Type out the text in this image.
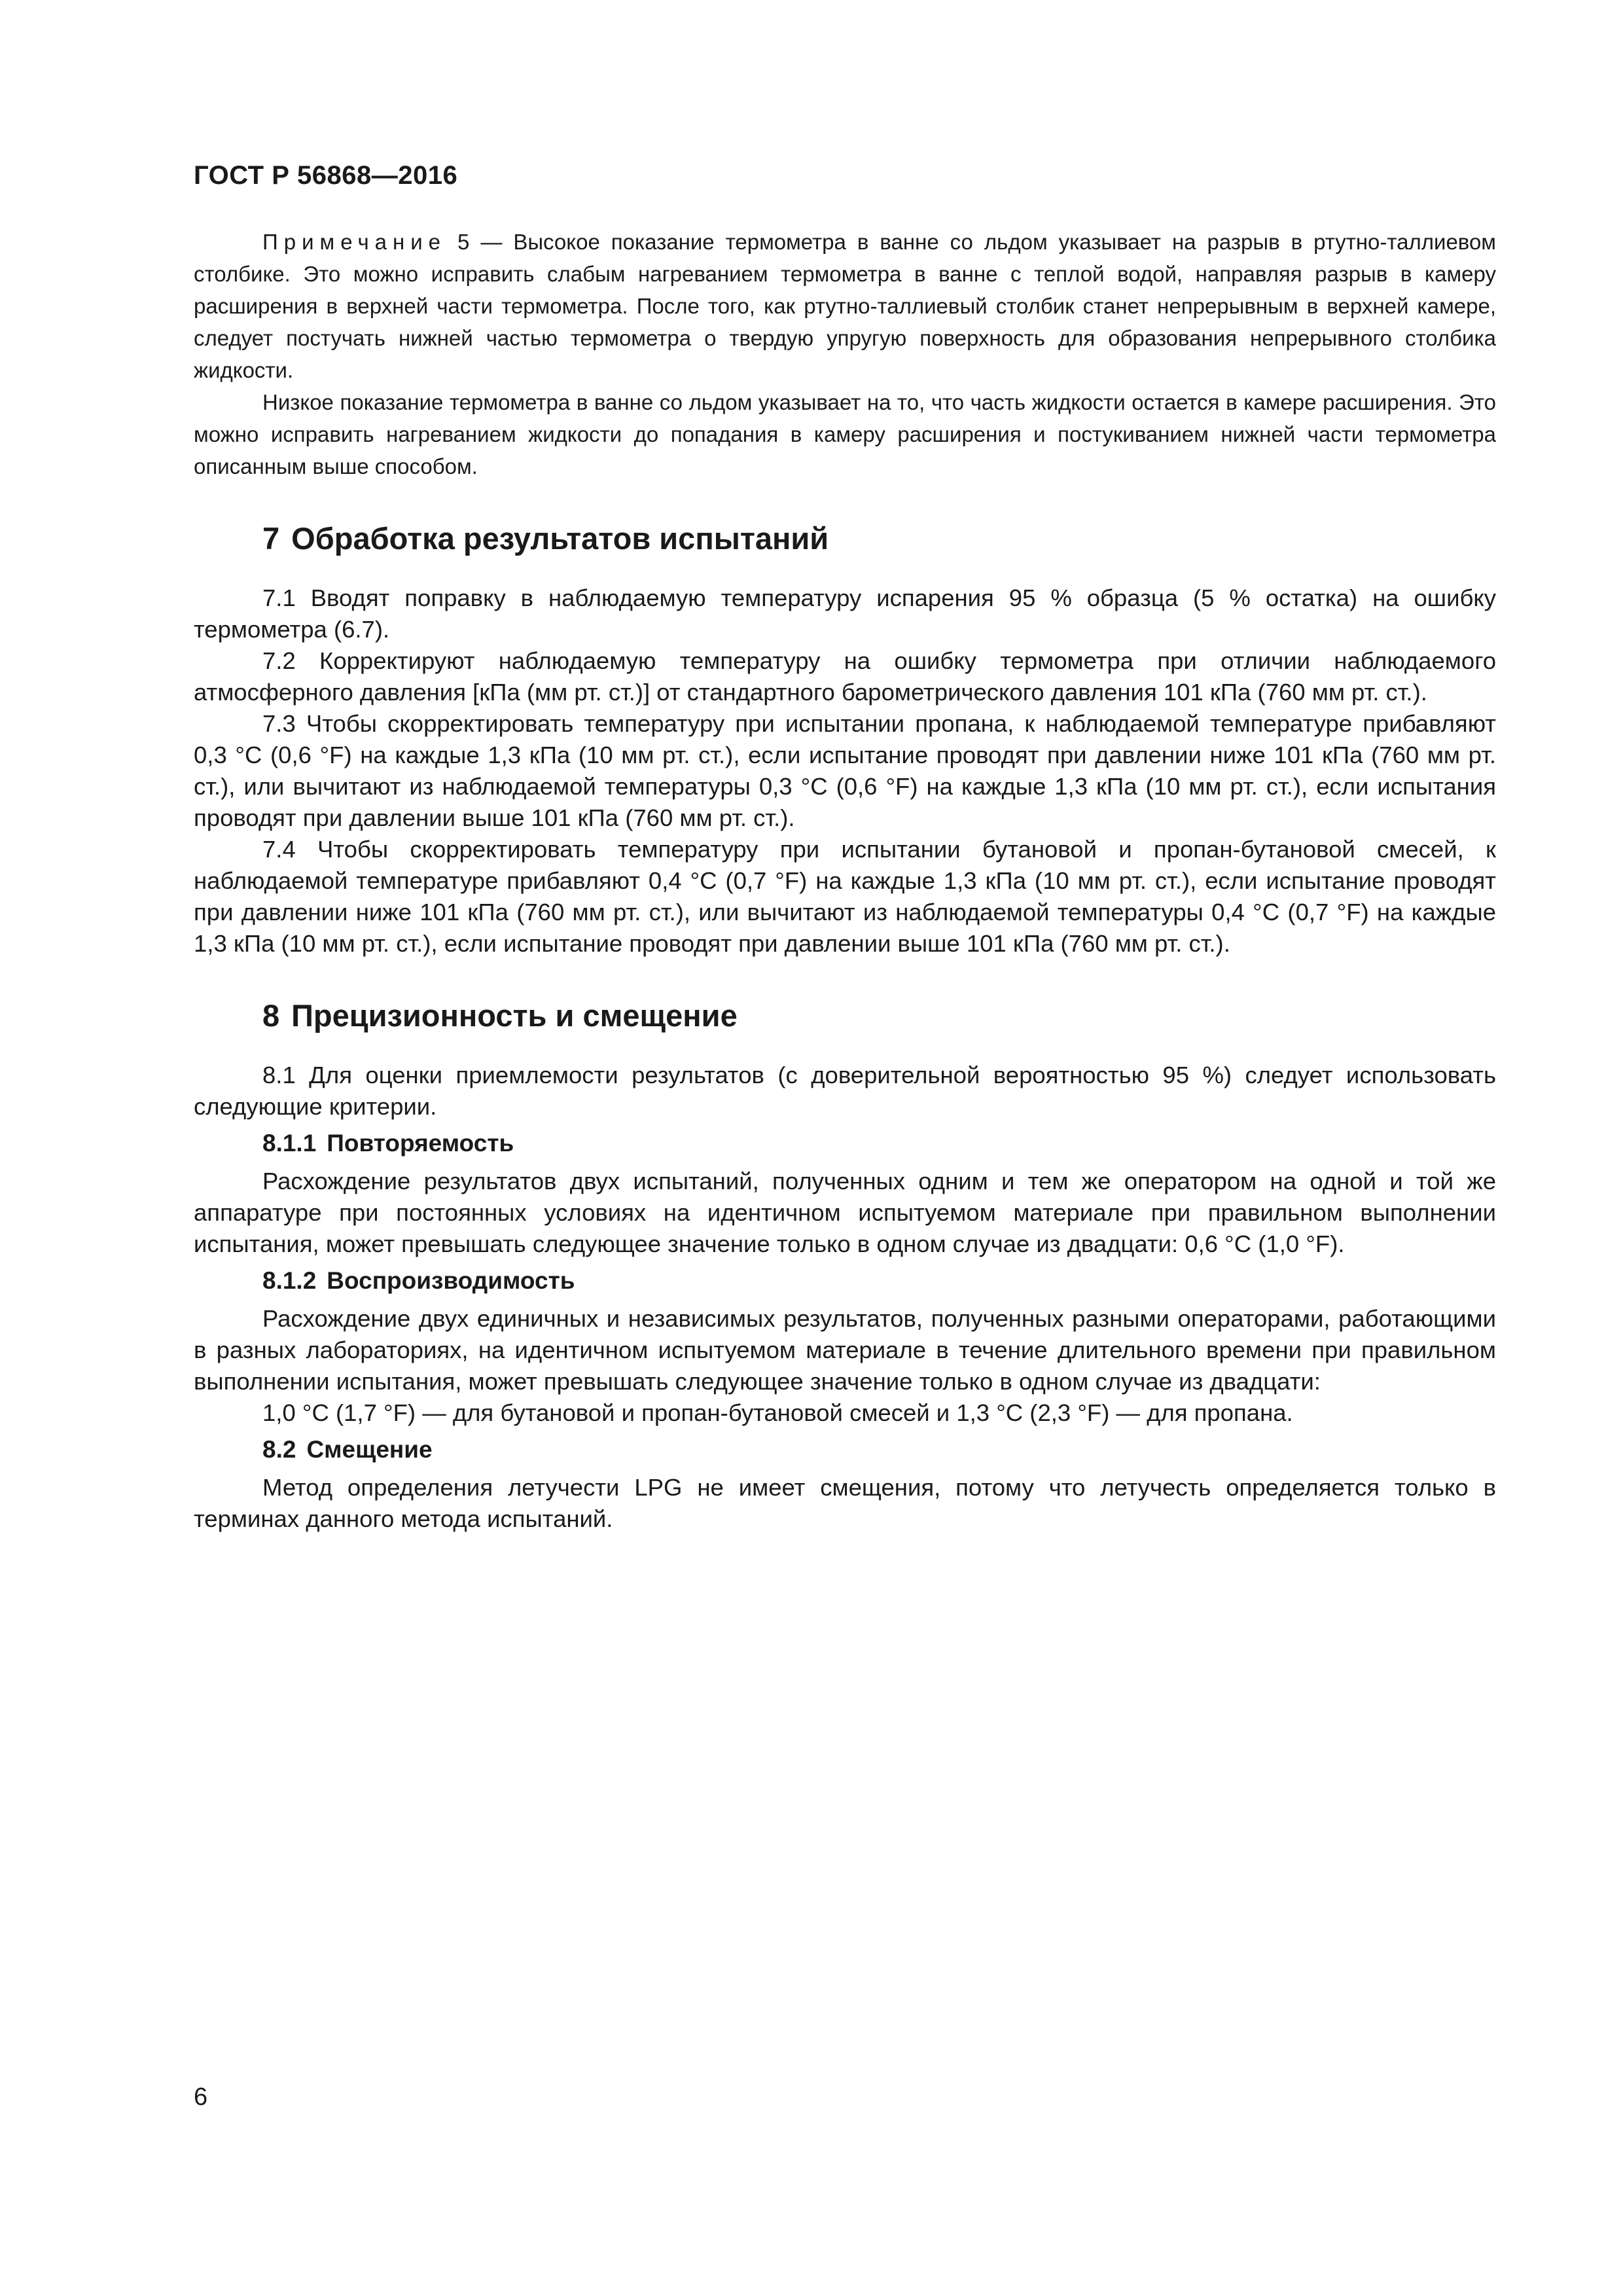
ГОСТ Р 56868—2016

Примечание 5 — Высокое показание термометра в ванне со льдом указывает на разрыв в ртутно-таллиевом столбике. Это можно исправить слабым нагреванием термометра в ванне с теплой водой, направляя разрыв в камеру расширения в верхней части термометра. После того, как ртутно-таллиевый столбик станет непрерывным в верхней камере, следует постучать нижней частью термометра о твердую упругую поверхность для образования непрерывного столбика жидкости.

Низкое показание термометра в ванне со льдом указывает на то, что часть жидкости остается в камере расширения. Это можно исправить нагреванием жидкости до попадания в камеру расширения и постукиванием нижней части термометра описанным выше способом.

7 Обработка результатов испытаний

7.1 Вводят поправку в наблюдаемую температуру испарения 95 % образца (5 % остатка) на ошибку термометра (6.7).

7.2 Корректируют наблюдаемую температуру на ошибку термометра при отличии наблюдаемого атмосферного давления [кПа (мм рт. ст.)] от стандартного барометрического давления 101 кПа (760 мм рт. ст.).

7.3 Чтобы скорректировать температуру при испытании пропана, к наблюдаемой температуре прибавляют 0,3 °С (0,6 °F) на каждые 1,3 кПа (10 мм рт. ст.), если испытание проводят при давлении ниже 101 кПа (760 мм рт. ст.), или вычитают из наблюдаемой температуры 0,3 °С (0,6 °F) на каждые 1,3 кПа (10 мм рт. ст.), если испытания проводят при давлении выше 101 кПа (760 мм рт. ст.).

7.4 Чтобы скорректировать температуру при испытании бутановой и пропан-бутановой смесей, к наблюдаемой температуре прибавляют 0,4 °С (0,7 °F) на каждые 1,3 кПа (10 мм рт. ст.), если испытание проводят при давлении ниже 101 кПа (760 мм рт. ст.), или вычитают из наблюдаемой температуры 0,4 °С (0,7 °F) на каждые 1,3 кПа (10 мм рт. ст.), если испытание проводят при давлении выше 101 кПа (760 мм рт. ст.).

8 Прецизионность и смещение

8.1 Для оценки приемлемости результатов (с доверительной вероятностью 95 %) следует использовать следующие критерии.

8.1.1 Повторяемость

Расхождение результатов двух испытаний, полученных одним и тем же оператором на одной и той же аппаратуре при постоянных условиях на идентичном испытуемом материале при правильном выполнении испытания, может превышать следующее значение только в одном случае из двадцати: 0,6 °С (1,0 °F).

8.1.2 Воспроизводимость

Расхождение двух единичных и независимых результатов, полученных разными операторами, работающими в разных лабораториях, на идентичном испытуемом материале в течение длительного времени при правильном выполнении испытания, может превышать следующее значение только в одном случае из двадцати:

1,0 °С (1,7 °F) — для бутановой и пропан-бутановой смесей и 1,3 °С (2,3 °F) — для пропана.

8.2 Смещение

Метод определения летучести LPG не имеет смещения, потому что летучесть определяется только в терминах данного метода испытаний.

6
